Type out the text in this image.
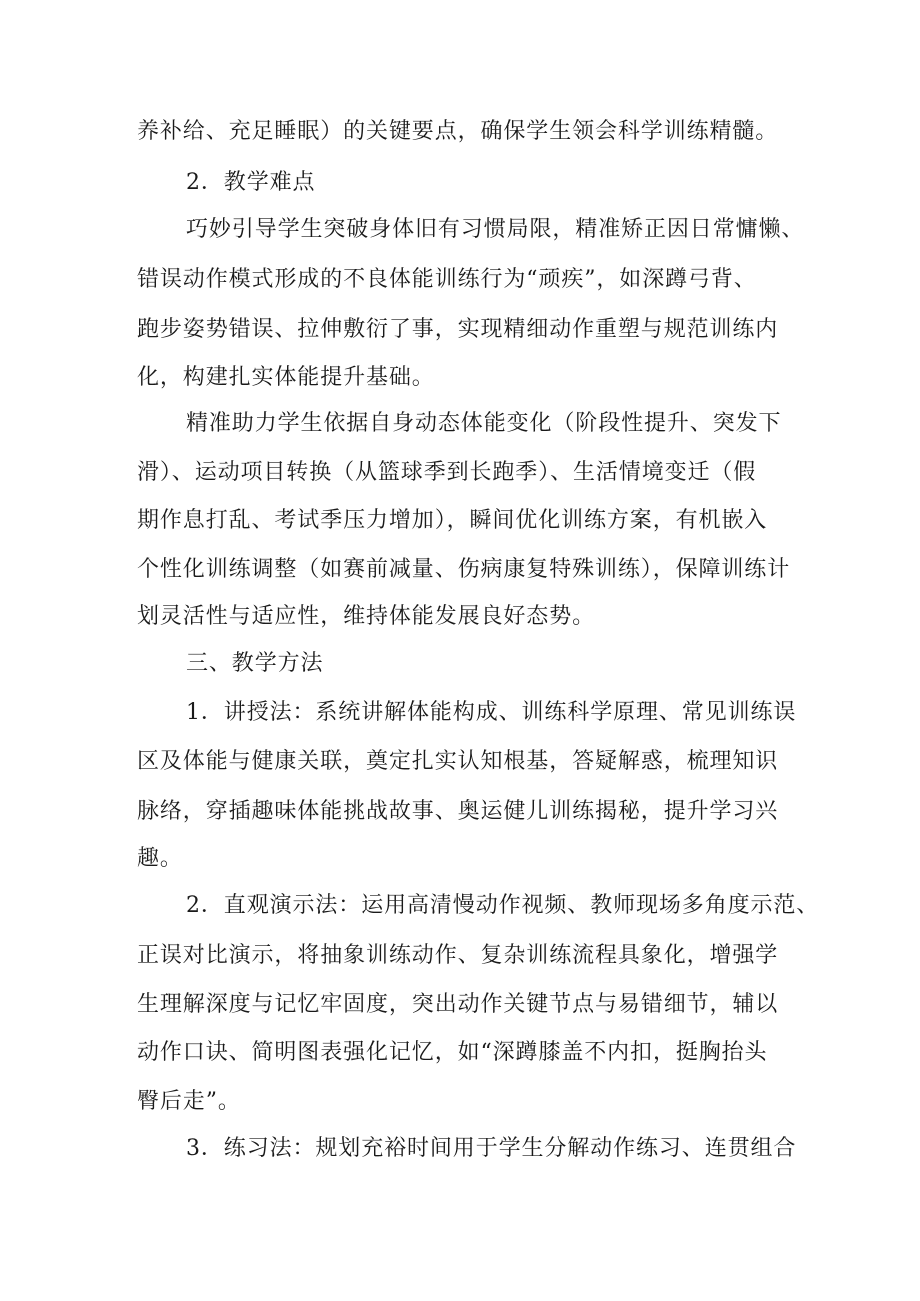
养补给、充足睡眠）的关键要点，确保学生领会科学训练精髓。
2．教学难点
巧妙引导学生突破身体旧有习惯局限，精准矫正因日常慵懒、
错误动作模式形成的不良体能训练行为“顽疾”，如深蹲弓背、
跑步姿势错误、拉伸敷衍了事，实现精细动作重塑与规范训练内
化，构建扎实体能提升基础。
精准助力学生依据自身动态体能变化（阶段性提升、突发下
滑）、运动项目转换（从篮球季到长跑季）、生活情境变迁（假
期作息打乱、考试季压力增加），瞬间优化训练方案，有机嵌入
个性化训练调整（如赛前减量、伤病康复特殊训练），保障训练计
划灵活性与适应性，维持体能发展良好态势。
三、教学方法
1．讲授法：系统讲解体能构成、训练科学原理、常见训练误
区及体能与健康关联，奠定扎实认知根基，答疑解惑，梳理知识
脉络，穿插趣味体能挑战故事、奥运健儿训练揭秘，提升学习兴
趣。
2．直观演示法：运用高清慢动作视频、教师现场多角度示范、
正误对比演示，将抽象训练动作、复杂训练流程具象化，增强学
生理解深度与记忆牢固度，突出动作关键节点与易错细节，辅以
动作口诀、简明图表强化记忆，如“深蹲膝盖不内扣，挺胸抬头
臀后走”。
3．练习法：规划充裕时间用于学生分解动作练习、连贯组合
